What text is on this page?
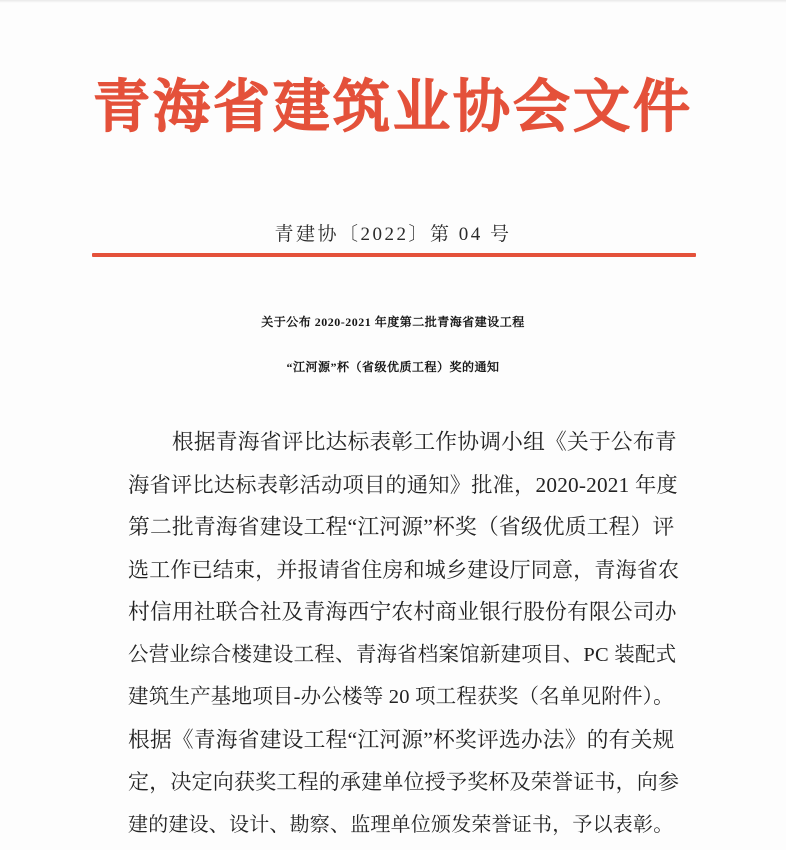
青海省建筑业协会文件
青建协〔2022〕第 04 号
关于公布 2020-2021 年度第二批青海省建设工程
“江河源”杯（省级优质工程）奖的通知
　　根据青海省评比达标表彰工作协调小组《关于公布青
海省评比达标表彰活动项目的通知》批准，2020-2021 年度
第二批青海省建设工程“江河源”杯奖（省级优质工程）评
选工作已结束，并报请省住房和城乡建设厅同意，青海省农
村信用社联合社及青海西宁农村商业银行股份有限公司办
公营业综合楼建设工程、青海省档案馆新建项目、PC 装配式
建筑生产基地项目-办公楼等 20 项工程获奖（名单见附件）。
根据《青海省建设工程“江河源”杯奖评选办法》的有关规
定，决定向获奖工程的承建单位授予奖杯及荣誉证书，向参
建的建设、设计、勘察、监理单位颁发荣誉证书，予以表彰。
